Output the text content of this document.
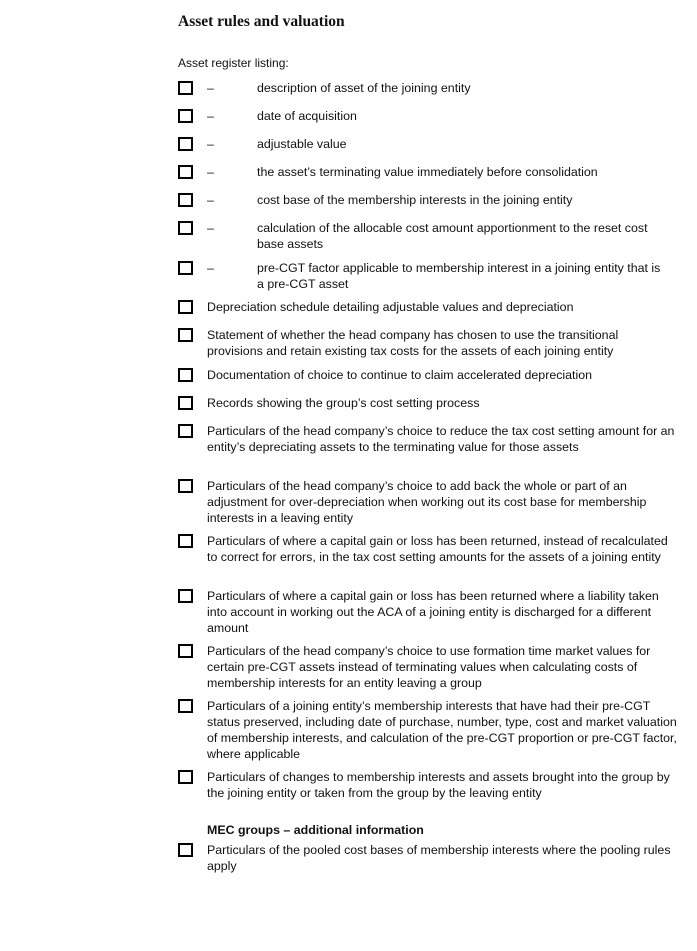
Asset rules and valuation
Asset register listing:
–	description of asset of the joining entity
–	date of acquisition
–	adjustable value
–	the asset’s terminating value immediately before consolidation
–	cost base of the membership interests in the joining entity
–	calculation of the allocable cost amount apportionment to the reset cost base assets
–	pre-CGT factor applicable to membership interest in a joining entity that is a pre-CGT asset
Depreciation schedule detailing adjustable values and depreciation
Statement of whether the head company has chosen to use the transitional provisions and retain existing tax costs for the assets of each joining entity
Documentation of choice to continue to claim accelerated depreciation
Records showing the group’s cost setting process
Particulars of the head company’s choice to reduce the tax cost setting amount for an entity’s depreciating assets to the terminating value for those assets
Particulars of the head company’s choice to add back the whole or part of an adjustment for over-depreciation when working out its cost base for membership interests in a leaving entity
Particulars of where a capital gain or loss has been returned, instead of recalculated to correct for errors, in the tax cost setting amounts for the assets of a joining entity
Particulars of where a capital gain or loss has been returned where a liability taken into account in working out the ACA of a joining entity is discharged for a different amount
Particulars of the head company’s choice to use formation time market values for certain pre-CGT assets instead of terminating values when calculating costs of membership interests for an entity leaving a group
Particulars of a joining entity’s membership interests that have had their pre-CGT status preserved, including date of purchase, number, type, cost and market valuation of membership interests, and calculation of the pre-CGT proportion or pre-CGT factor, where applicable
Particulars of changes to membership interests and assets brought into the group by the joining entity or taken from the group by the leaving entity
MEC groups – additional information
Particulars of the pooled cost bases of membership interests where the pooling rules apply
